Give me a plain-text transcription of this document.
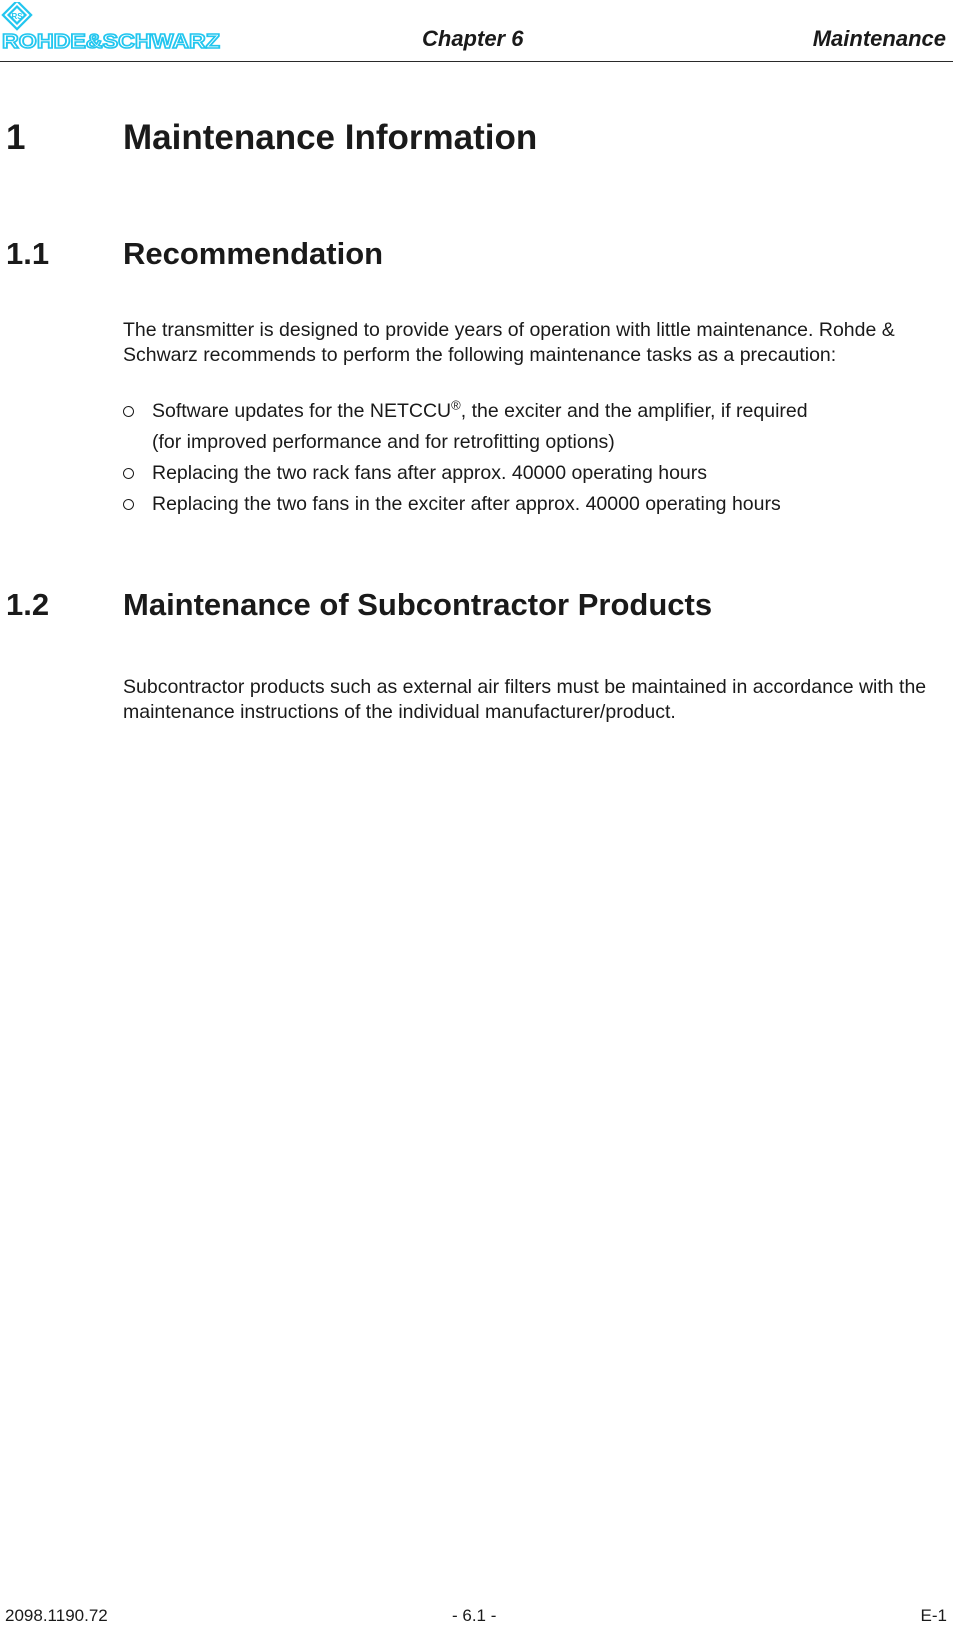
RS
ROHDE&SCHWARZ	Chapter 6	Maintenance
1	Maintenance Information
1.1 Recommendation
The transmitter is designed to provide years of operation with little maintenance. Rohde & Schwarz recommends to perform the following maintenance tasks as a precaution:
Software updates for the NETCCU®, the exciter and the amplifier, if required
(for improved performance and for retrofitting options)
Replacing the two rack fans after approx. 40000 operating hours
Replacing the two fans in the exciter after approx. 40000 operating hours
1.2 Maintenance of Subcontractor Products
Subcontractor products such as external air filters must be maintained in accordance with the maintenance instructions of the individual manufacturer/product.
2098.1190.72	- 6.1 -	E-1
